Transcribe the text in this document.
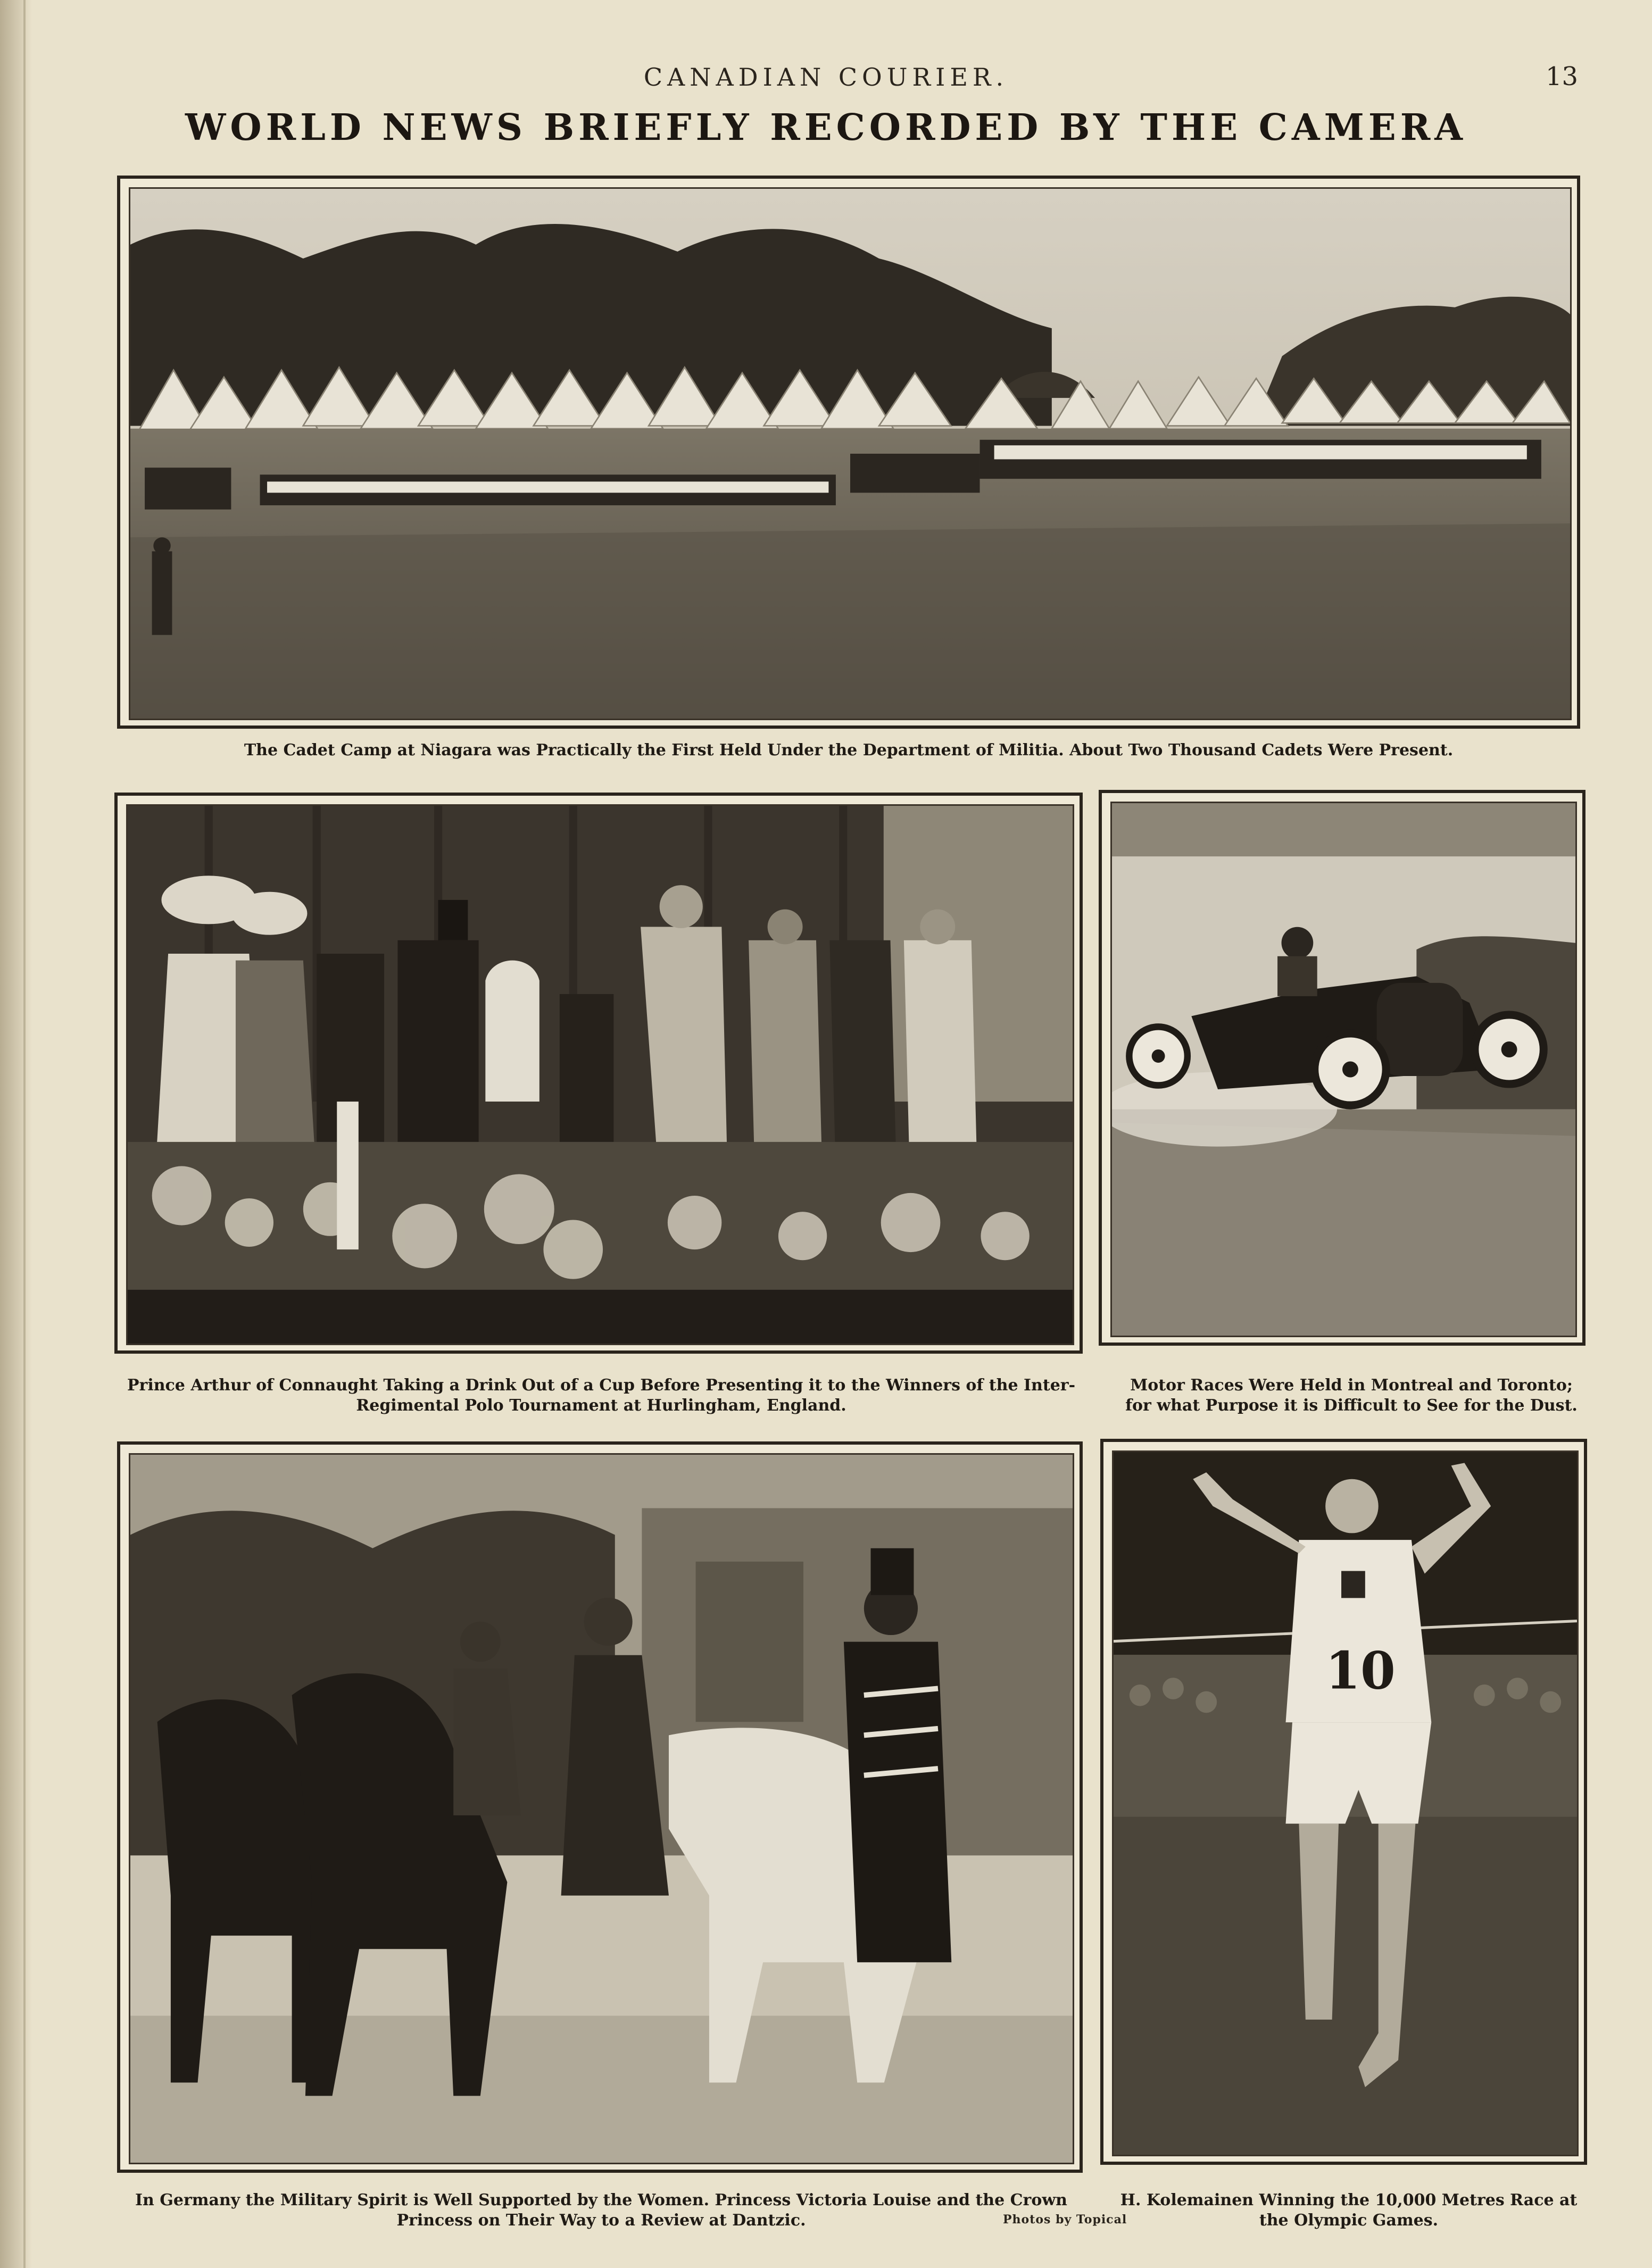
CANADIAN COURIER.	13
WORLD NEWS BRIEFLY RECORDED BY THE CAMERA
The Cadet Camp at Niagara was Practically the First Held Under the Department of Militia. About Two Thousand Cadets Were Present.
Prince Arthur of Connaught Taking a Drink Out of a Cup Before Presenting it to the Winners of the Inter-
Regimental Polo Tournament at Hurlingham, England.
Motor Races Were Held in Montreal and Toronto;
for what Purpose it is Difficult to See for the Dust.
10
In Germany the Military Spirit is Well Supported by the Women. Princess Victoria Louise and the Crown
Princess on Their Way to a Review at Dantzic.	Photos by Topical
H. Kolemainen Winning the 10,000 Metres Race at
the Olympic Games.
